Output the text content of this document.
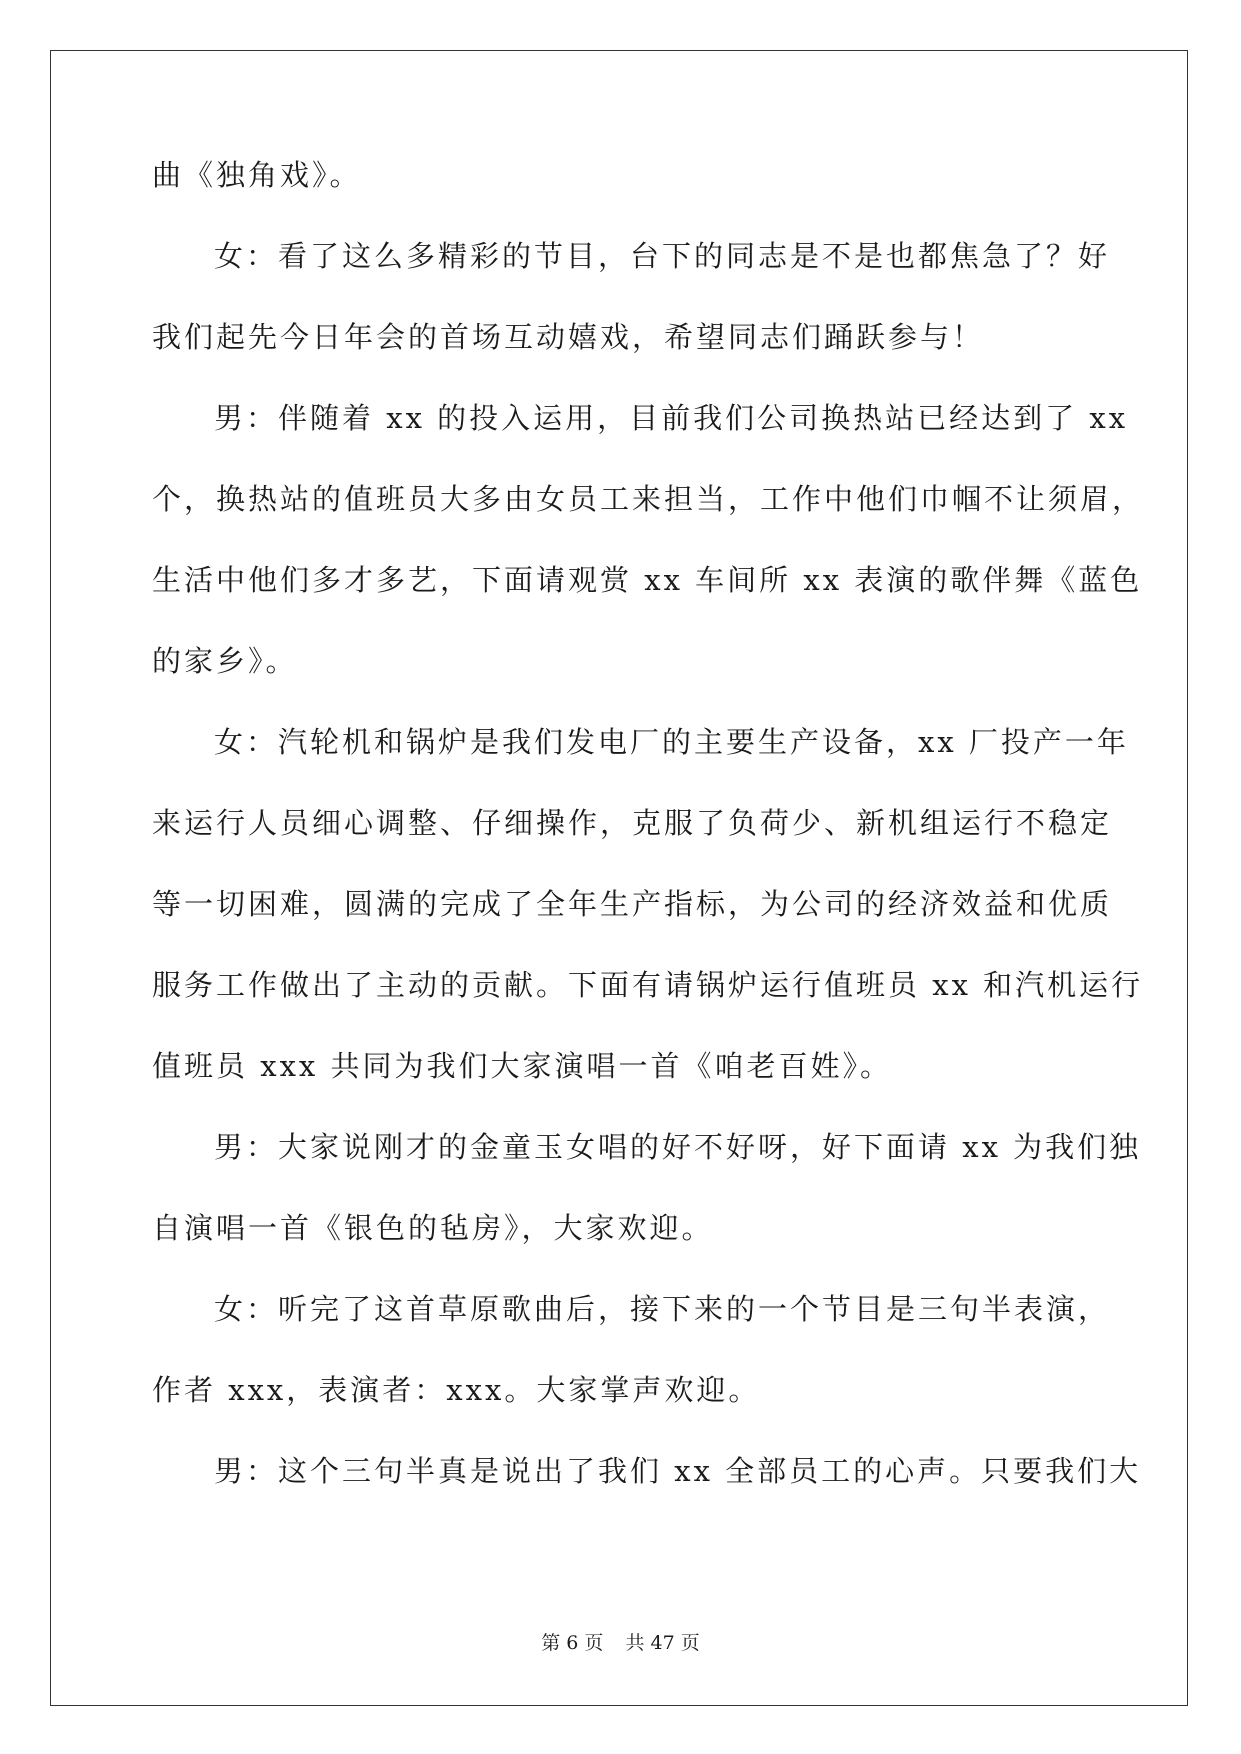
曲《独角戏》。
女：看了这么多精彩的节目，台下的同志是不是也都焦急了？好
我们起先今日年会的首场互动嬉戏，希望同志们踊跃参与！
男：伴随着 xx 的投入运用，目前我们公司换热站已经达到了 xx
个，换热站的值班员大多由女员工来担当，工作中他们巾帼不让须眉，
生活中他们多才多艺，下面请观赏 xx 车间所 xx 表演的歌伴舞《蓝色
的家乡》。
女：汽轮机和锅炉是我们发电厂的主要生产设备，xx 厂投产一年
来运行人员细心调整、仔细操作，克服了负荷少、新机组运行不稳定
等一切困难，圆满的完成了全年生产指标，为公司的经济效益和优质
服务工作做出了主动的贡献。下面有请锅炉运行值班员 xx 和汽机运行
值班员 xxx 共同为我们大家演唱一首《咱老百姓》。
男：大家说刚才的金童玉女唱的好不好呀，好下面请 xx 为我们独
自演唱一首《银色的毡房》，大家欢迎。
女：听完了这首草原歌曲后，接下来的一个节目是三句半表演，
作者 xxx，表演者：xxx。大家掌声欢迎。
男：这个三句半真是说出了我们 xx 全部员工的心声。只要我们大
第 6 页 共 47 页
